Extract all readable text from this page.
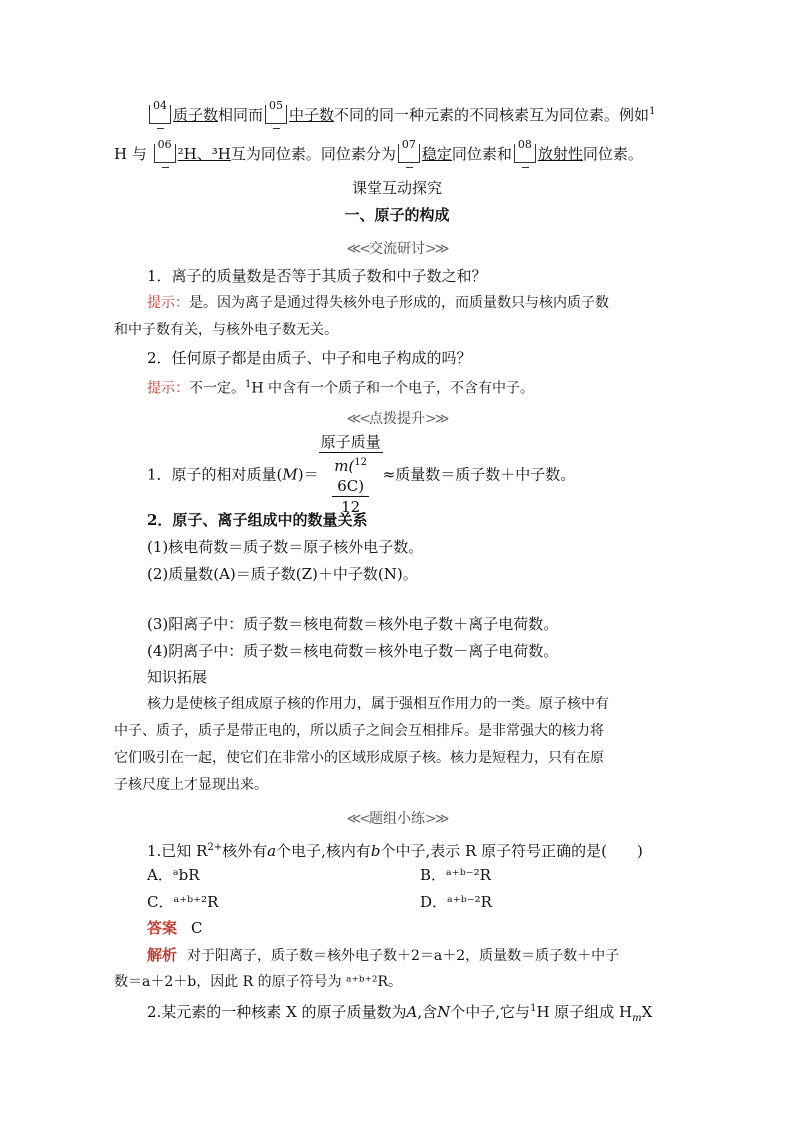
04
质子数相同而
05
中子数不同的同一种元素的不同核素互为同位素。例如$^1$
H 与
06
²H、³H互为同位素。同位素分为
07
稳定同位素和
08
放射性同位素。
课堂互动探究
一、原子的构成
≪<交流研讨>≫
1．离子的质量数是否等于其质子数和中子数之和？
提示：是。因为离子是通过得失核外电子形成的，而质量数只与核内质子数
和中子数有关，与核外电子数无关。
2．任何原子都是由质子、中子和电子构成的吗？
提示：不一定。$^1$H 中含有一个质子和一个电子，不含有中子。
≪<点拨提升>≫
1．原子的相对质量(M)＝ 原子质量
m($^{12}$
6C)
12 ≈质量数＝质子数＋中子数。
2．原子、离子组成中的数量关系
(1)核电荷数＝质子数＝原子核外电子数。
(2)质量数(A)＝质子数(Z)＋中子数(N)。
(3)阳离子中：质子数＝核电荷数＝核外电子数＋离子电荷数。
(4)阴离子中：质子数＝核电荷数＝核外电子数－离子电荷数。
知识拓展
核力是使核子组成原子核的作用力，属于强相互作用力的一类。原子核中有
中子、质子，质子是带正电的，所以质子之间会互相排斥。是非常强大的核力将
它们吸引在一起，使它们在非常小的区域形成原子核。核力是短程力，只有在原
子核尺度上才显现出来。
≪<题组小练>≫
1.已知 $R^{2+}$核外有a个电子,核内有b个中子,表示 R 原子符号正确的是( )
A．ᵃbR	B．ᵃ⁺ᵇ⁻²R
C．ᵃ⁺ᵇ⁺²R	D．ᵃ⁺ᵇ⁻²R
答案 C
解析 对于阳离子，质子数＝核外电子数＋2＝a＋2，质量数＝质子数＋中子
数＝a＋2＋b，因此 R 的原子符号为 ᵃ⁺ᵇ⁺²R。
2.某元素的一种核素 X 的原子质量数为A,含N个中子,它与$^1$H 原子组成 $H_mX$
